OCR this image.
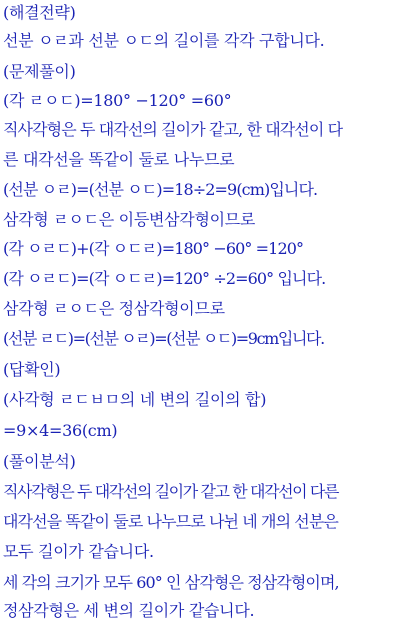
(해결전략)
선분 ㅇㄹ과 선분 ㅇㄷ의 길이를 각각 구합니다.
(문제풀이)
(각 ㄹㅇㄷ)=180° −120° =60°
직사각형은 두 대각선의 길이가 같고, 한 대각선이 다
른 대각선을 똑같이 둘로 나누므로
(선분 ㅇㄹ)=(선분 ㅇㄷ)=18÷2=9(cm)입니다.
삼각형 ㄹㅇㄷ은 이등변삼각형이므로
(각 ㅇㄹㄷ)+(각 ㅇㄷㄹ)=180° −60° =120°
(각 ㅇㄹㄷ)=(각 ㅇㄷㄹ)=120° ÷2=60° 입니다.
삼각형 ㄹㅇㄷ은 정삼각형이므로
(선분 ㄹㄷ)=(선분 ㅇㄹ)=(선분 ㅇㄷ)=9cm입니다.
(답확인)
(사각형 ㄹㄷㅂㅁ의 네 변의 길이의 합)
=9×4=36(cm)
(풀이분석)
직사각형은 두 대각선의 길이가 같고 한 대각선이 다른
대각선을 똑같이 둘로 나누므로 나뉜 네 개의 선분은
모두 길이가 같습니다.
세 각의 크기가 모두 60° 인 삼각형은 정삼각형이며,
정삼각형은 세 변의 길이가 같습니다.
